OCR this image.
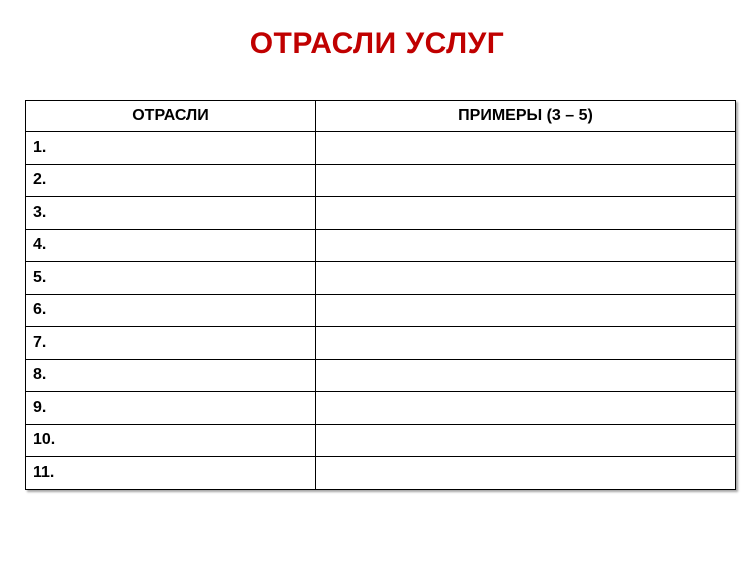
ОТРАСЛИ УСЛУГ
ОТРАСЛИ	ПРИМЕРЫ (3 – 5)
1.	
2.	
3.	
4.	
5.	
6.	
7.	
8.	
9.	
10.	
11.	
